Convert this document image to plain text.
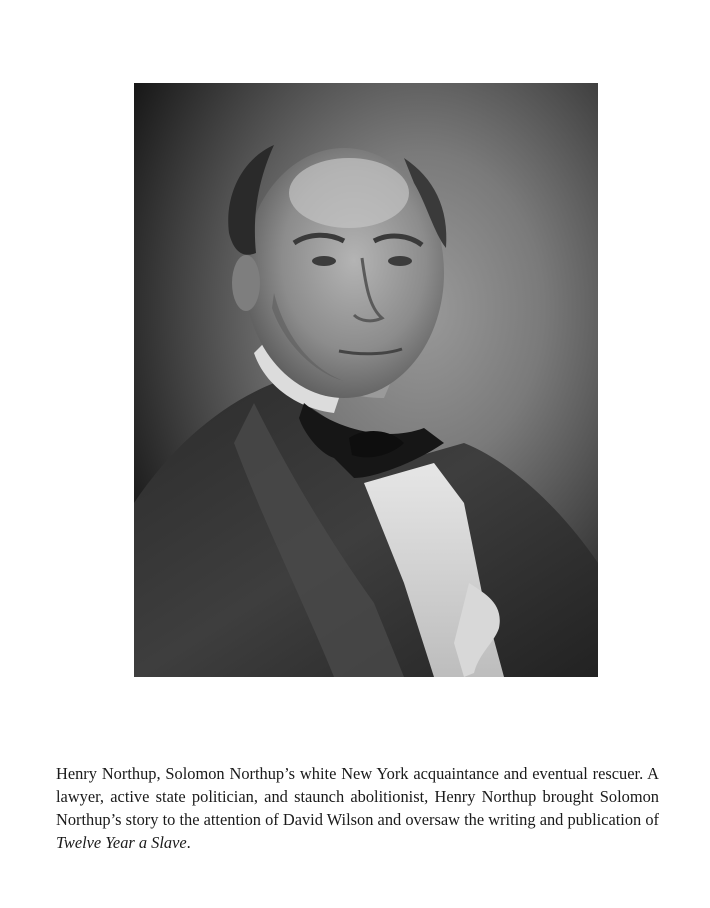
Henry Northup, Solomon Northup’s white New York acquaintance and eventual rescuer. A lawyer, active state politician, and staunch abolitionist, Henry Northup brought Solomon Northup’s story to the attention of David Wilson and oversaw the writing and publication of Twelve Year a Slave.
